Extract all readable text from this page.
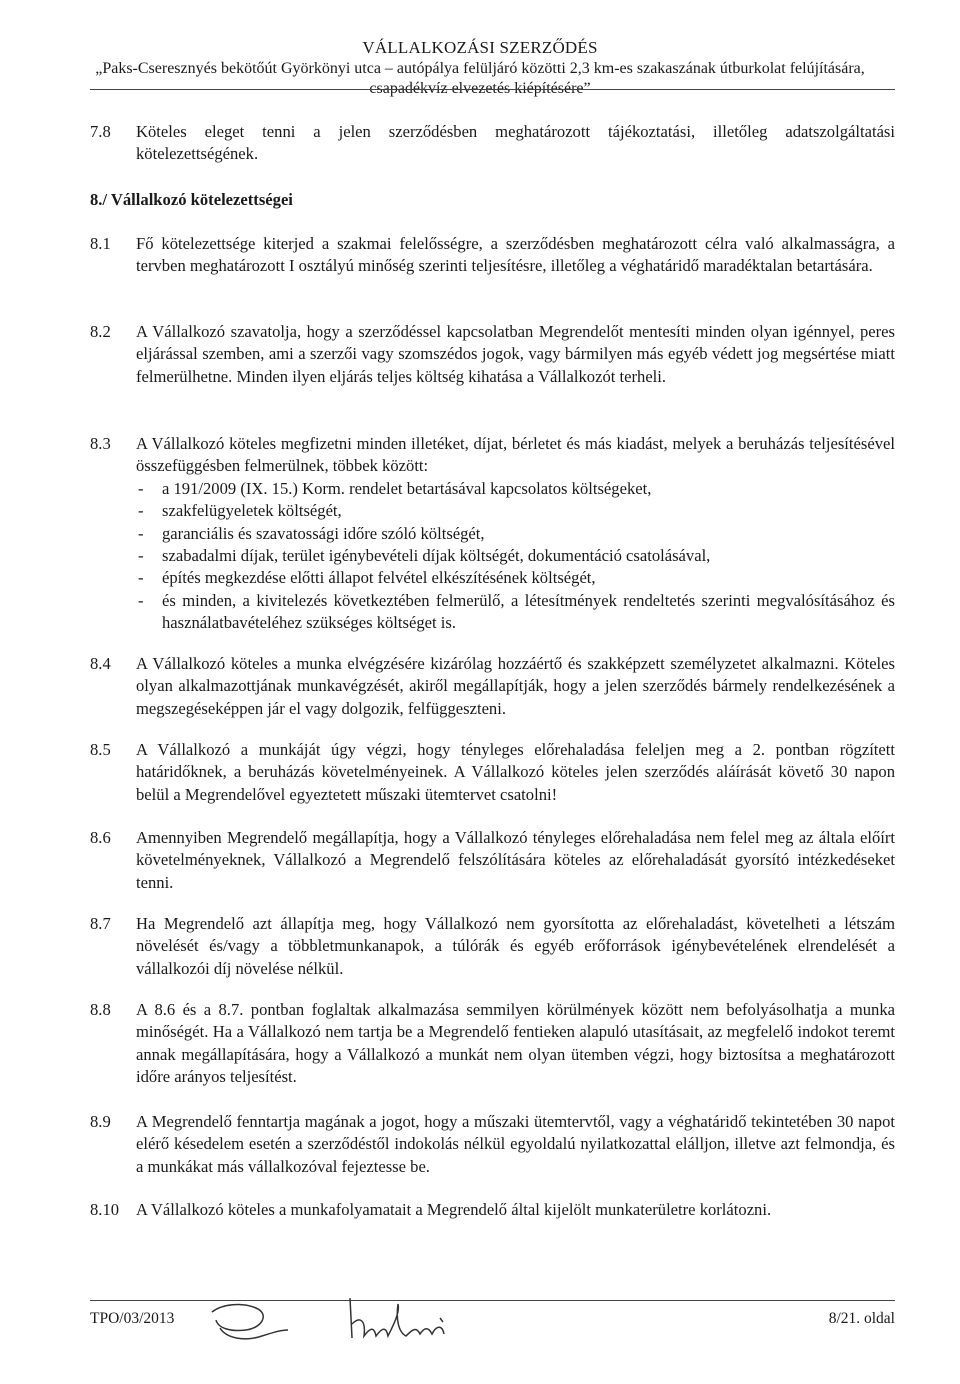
VÁLLALKOZÁSI SZERZŐDÉS
„Paks-Csereszny​és bekötőút Györkönyi utca – autópálya felüljáró közötti 2,3 km-es szakaszának útburkolat felújítására,
csapadékvíz elvezetés kiépítésére”
7.8 Köteles eleget tenni a jelen szerződésben meghatározott tájékoztatási, illetőleg adatszolgáltatási kötelezettségének.
8./ Vállalkozó kötelezettségei
8.1 Fő kötelezettsége kiterjed a szakmai felelősségre, a szerződésben meghatározott célra való alkalmasságra, a tervben meghatározott I osztályú minőség szerinti teljesítésre, illetőleg a véghatáridő maradéktalan betartására.
8.2 A Vállalkozó szavatolja, hogy a szerződéssel kapcsolatban Megrendelőt mentesíti minden olyan igénnyel, peres eljárással szemben, ami a szerzői vagy szomszédos jogok, vagy bármilyen más egyéb védett jog megsértése miatt felmerülhetne. Minden ilyen eljárás teljes költség kihatása a Vállalkozót terheli.
8.3 A Vállalkozó köteles megfizetni minden illetéket, díjat, bérletet és más kiadást, melyek a beruházás teljesítésével összefüggésben felmerülnek, többek között:
- a 191/2009 (IX. 15.) Korm. rendelet betartásával kapcsolatos költségeket,
- szakfelügyeletek költségét,
- garanciális és szavatossági időre szóló költségét,
- szabadalmi díjak, terület igénybevételi díjak költségét, dokumentáció csatolásával,
- építés megkezdése előtti állapot felvétel elkészítésének költségét,
- és minden, a kivitelezés következtében felmerülő, a létesítmények rendeltetés szerinti megvalósításához és használatbavételéhez szükséges költséget is.
8.4 A Vállalkozó köteles a munka elvégzésére kizárólag hozzáértő és szakképzett személyzetet alkalmazni. Köteles olyan alkalmazottjának munkavégzését, akiről megállapítják, hogy a jelen szerződés bármely rendelkezésének a megszegéseképpen jár el vagy dolgozik, felfüggeszteni.
8.5 A Vállalkozó a munkáját úgy végzi, hogy tényleges előrehaladása feleljen meg a 2. pontban rögzített határidőknek, a beruházás követelményeinek. A Vállalkozó köteles jelen szerződés aláírását követő 30 napon belül a Megrendelővel egyeztetett műszaki ütemtervet csatolni!
8.6 Amennyiben Megrendelő megállapítja, hogy a Vállalkozó tényleges előrehaladása nem felel meg az általa előírt követelményeknek, Vállalkozó a Megrendelő felszólítására köteles az előrehaladását gyorsító intézkedéseket tenni.
8.7 Ha Megrendelő azt állapítja meg, hogy Vállalkozó nem gyorsította az előrehaladást, követelheti a létszám növelését és/vagy a többletmunkanapok, a túlórák és egyéb erőforrások igénybevételének elrendelését a vállalkozói díj növelése nélkül.
8.8 A 8.6 és a 8.7. pontban foglaltak alkalmazása semmilyen körülmények között nem befolyásolhatja a munka minőségét. Ha a Vállalkozó nem tartja be a Megrendelő fentieken alapuló utasításait, az megfelelő indokot teremt annak megállapítására, hogy a Vállalkozó a munkát nem olyan ütemben végzi, hogy biztosítsa a meghatározott időre arányos teljesítést.
8.9 A Megrendelő fenntartja magának a jogot, hogy a műszaki ütemtervtől, vagy a véghatáridő tekintetében 30 napot elérő késedelem esetén a szerződéstől indokolás nélkül egyoldalú nyilatkozattal elálljon, illetve azt felmondja, és a munkákat más vállalkozóval fejeztesse be.
8.10 A Vállalkozó köteles a munkafolyamatait a Megrendelő által kijelölt munkaterületre korlátozni.
TPO/03/2013	8/21. oldal
